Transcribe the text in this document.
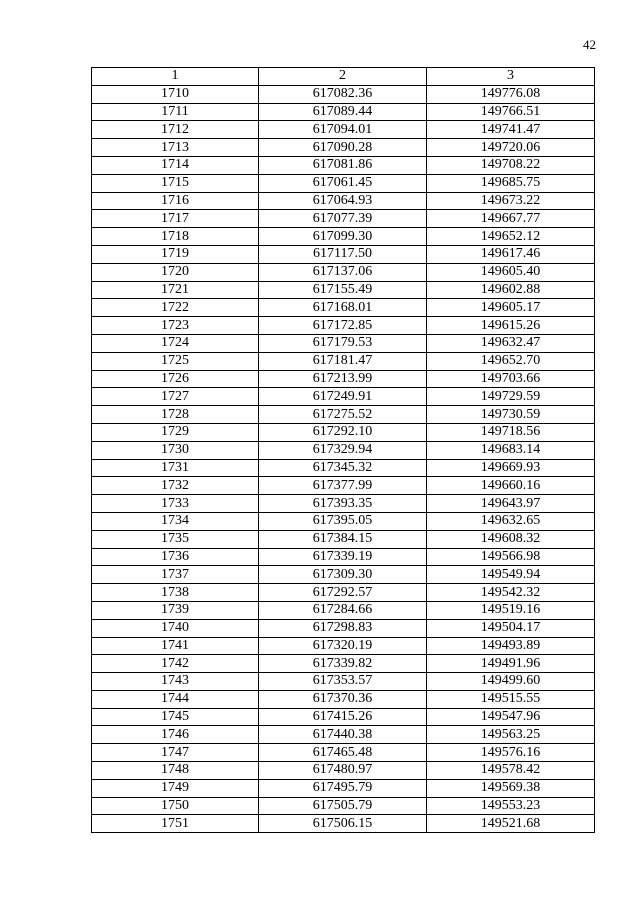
42
1	2	3
1710	617082.36	149776.08
1711	617089.44	149766.51
1712	617094.01	149741.47
1713	617090.28	149720.06
1714	617081.86	149708.22
1715	617061.45	149685.75
1716	617064.93	149673.22
1717	617077.39	149667.77
1718	617099.30	149652.12
1719	617117.50	149617.46
1720	617137.06	149605.40
1721	617155.49	149602.88
1722	617168.01	149605.17
1723	617172.85	149615.26
1724	617179.53	149632.47
1725	617181.47	149652.70
1726	617213.99	149703.66
1727	617249.91	149729.59
1728	617275.52	149730.59
1729	617292.10	149718.56
1730	617329.94	149683.14
1731	617345.32	149669.93
1732	617377.99	149660.16
1733	617393.35	149643.97
1734	617395.05	149632.65
1735	617384.15	149608.32
1736	617339.19	149566.98
1737	617309.30	149549.94
1738	617292.57	149542.32
1739	617284.66	149519.16
1740	617298.83	149504.17
1741	617320.19	149493.89
1742	617339.82	149491.96
1743	617353.57	149499.60
1744	617370.36	149515.55
1745	617415.26	149547.96
1746	617440.38	149563.25
1747	617465.48	149576.16
1748	617480.97	149578.42
1749	617495.79	149569.38
1750	617505.79	149553.23
1751	617506.15	149521.68
